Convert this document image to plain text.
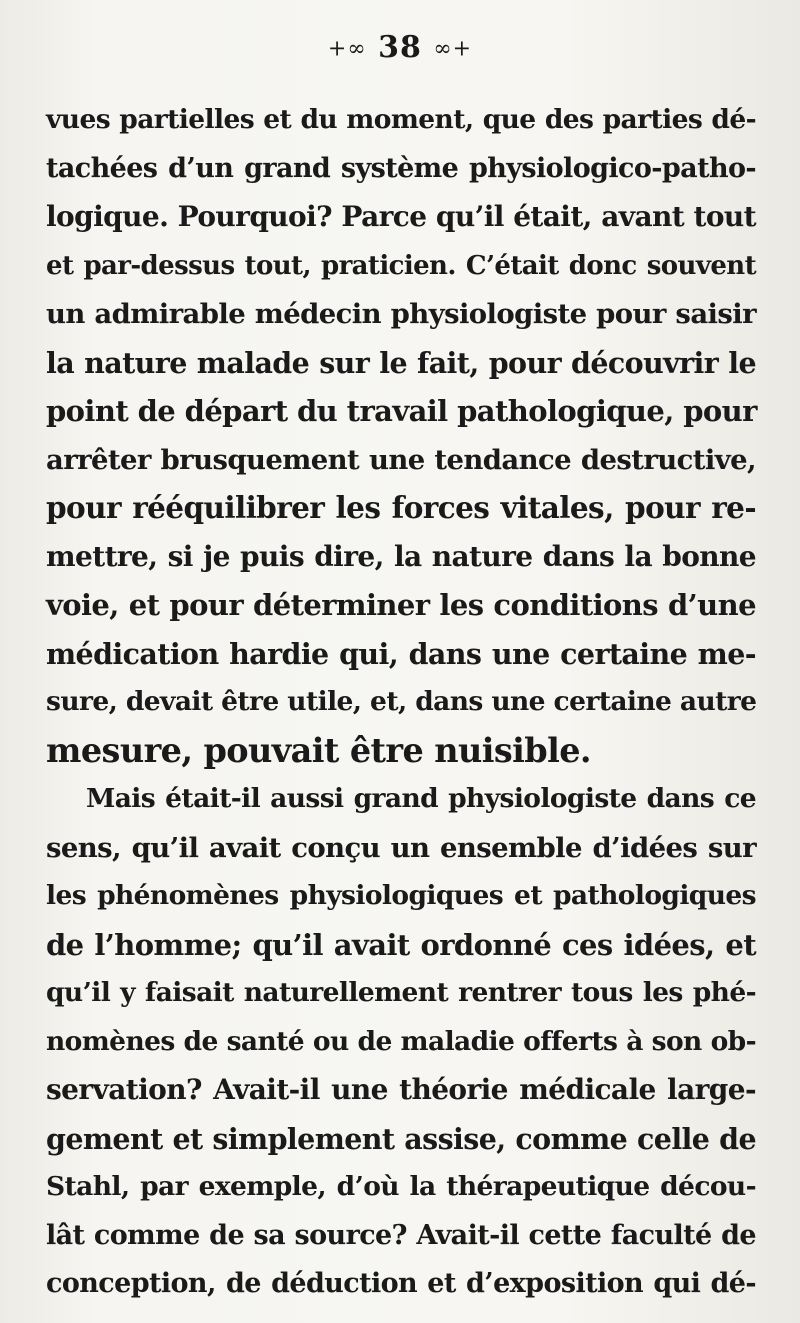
+∞ 38 ∞+
vues partielles et du moment, que des parties dé-
tachées d’un grand système physiologico-patho-
logique. Pourquoi? Parce qu’il était, avant tout
et par-dessus tout, praticien. C’était donc souvent
un admirable médecin physiologiste pour saisir
la nature malade sur le fait, pour découvrir le
point de départ du travail pathologique, pour
arrêter brusquement une tendance destructive,
pour rééquilibrer les forces vitales, pour re-
mettre, si je puis dire, la nature dans la bonne
voie, et pour déterminer les conditions d’une
médication hardie qui, dans une certaine me-
sure, devait être utile, et, dans une certaine autre
mesure, pouvait être nuisible.
Mais était-il aussi grand physiologiste dans ce
sens, qu’il avait conçu un ensemble d’idées sur
les phénomènes physiologiques et pathologiques
de l’homme; qu’il avait ordonné ces idées, et
qu’il y faisait naturellement rentrer tous les phé-
nomènes de santé ou de maladie offerts à son ob-
servation? Avait-il une théorie médicale large-
gement et simplement assise, comme celle de
Stahl, par exemple, d’où la thérapeutique décou-
lât comme de sa source? Avait-il cette faculté de
conception, de déduction et d’exposition qui dé-
